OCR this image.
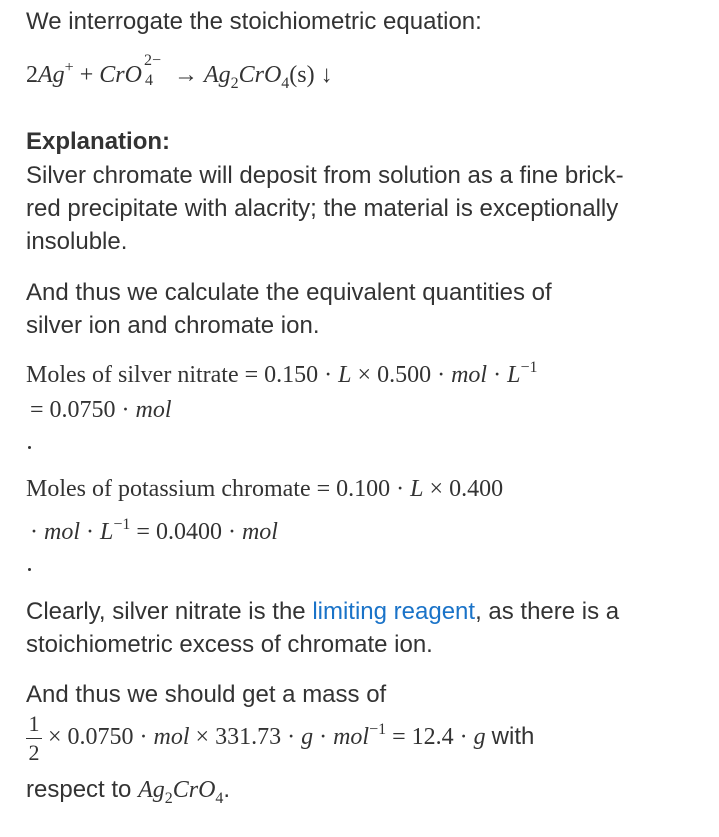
We interrogate the stoichiometric equation:
2Ag+ + CrO
2−
$4 \to Ag_2CrO_4(s)$ ↓
Explanation:
Silver chromate will deposit from solution as a fine brick-
red precipitate with alacrity; the material is exceptionally
insoluble.
And thus we calculate the equivalent quantities of
silver ion and chromate ion.
Moles of silver nitrate = 0.150 · L × 0.500 · mol · $L^{-1}$
= 0.0750 · mol
Moles of potassium chromate = 0.100 · L × 0.400
· mol · $L^{-1} = 0.0400$ · mol
Clearly, silver nitrate is the limiting reagent, as there is a
stoichiometric excess of chromate ion.
And thus we should get a mass of
$\frac{1}{2} \times 0.0750$ · mol × 331.73 · g · mol$^{-1}$ = 12.4 · g with
respect to $Ag_2CrO_4$.
